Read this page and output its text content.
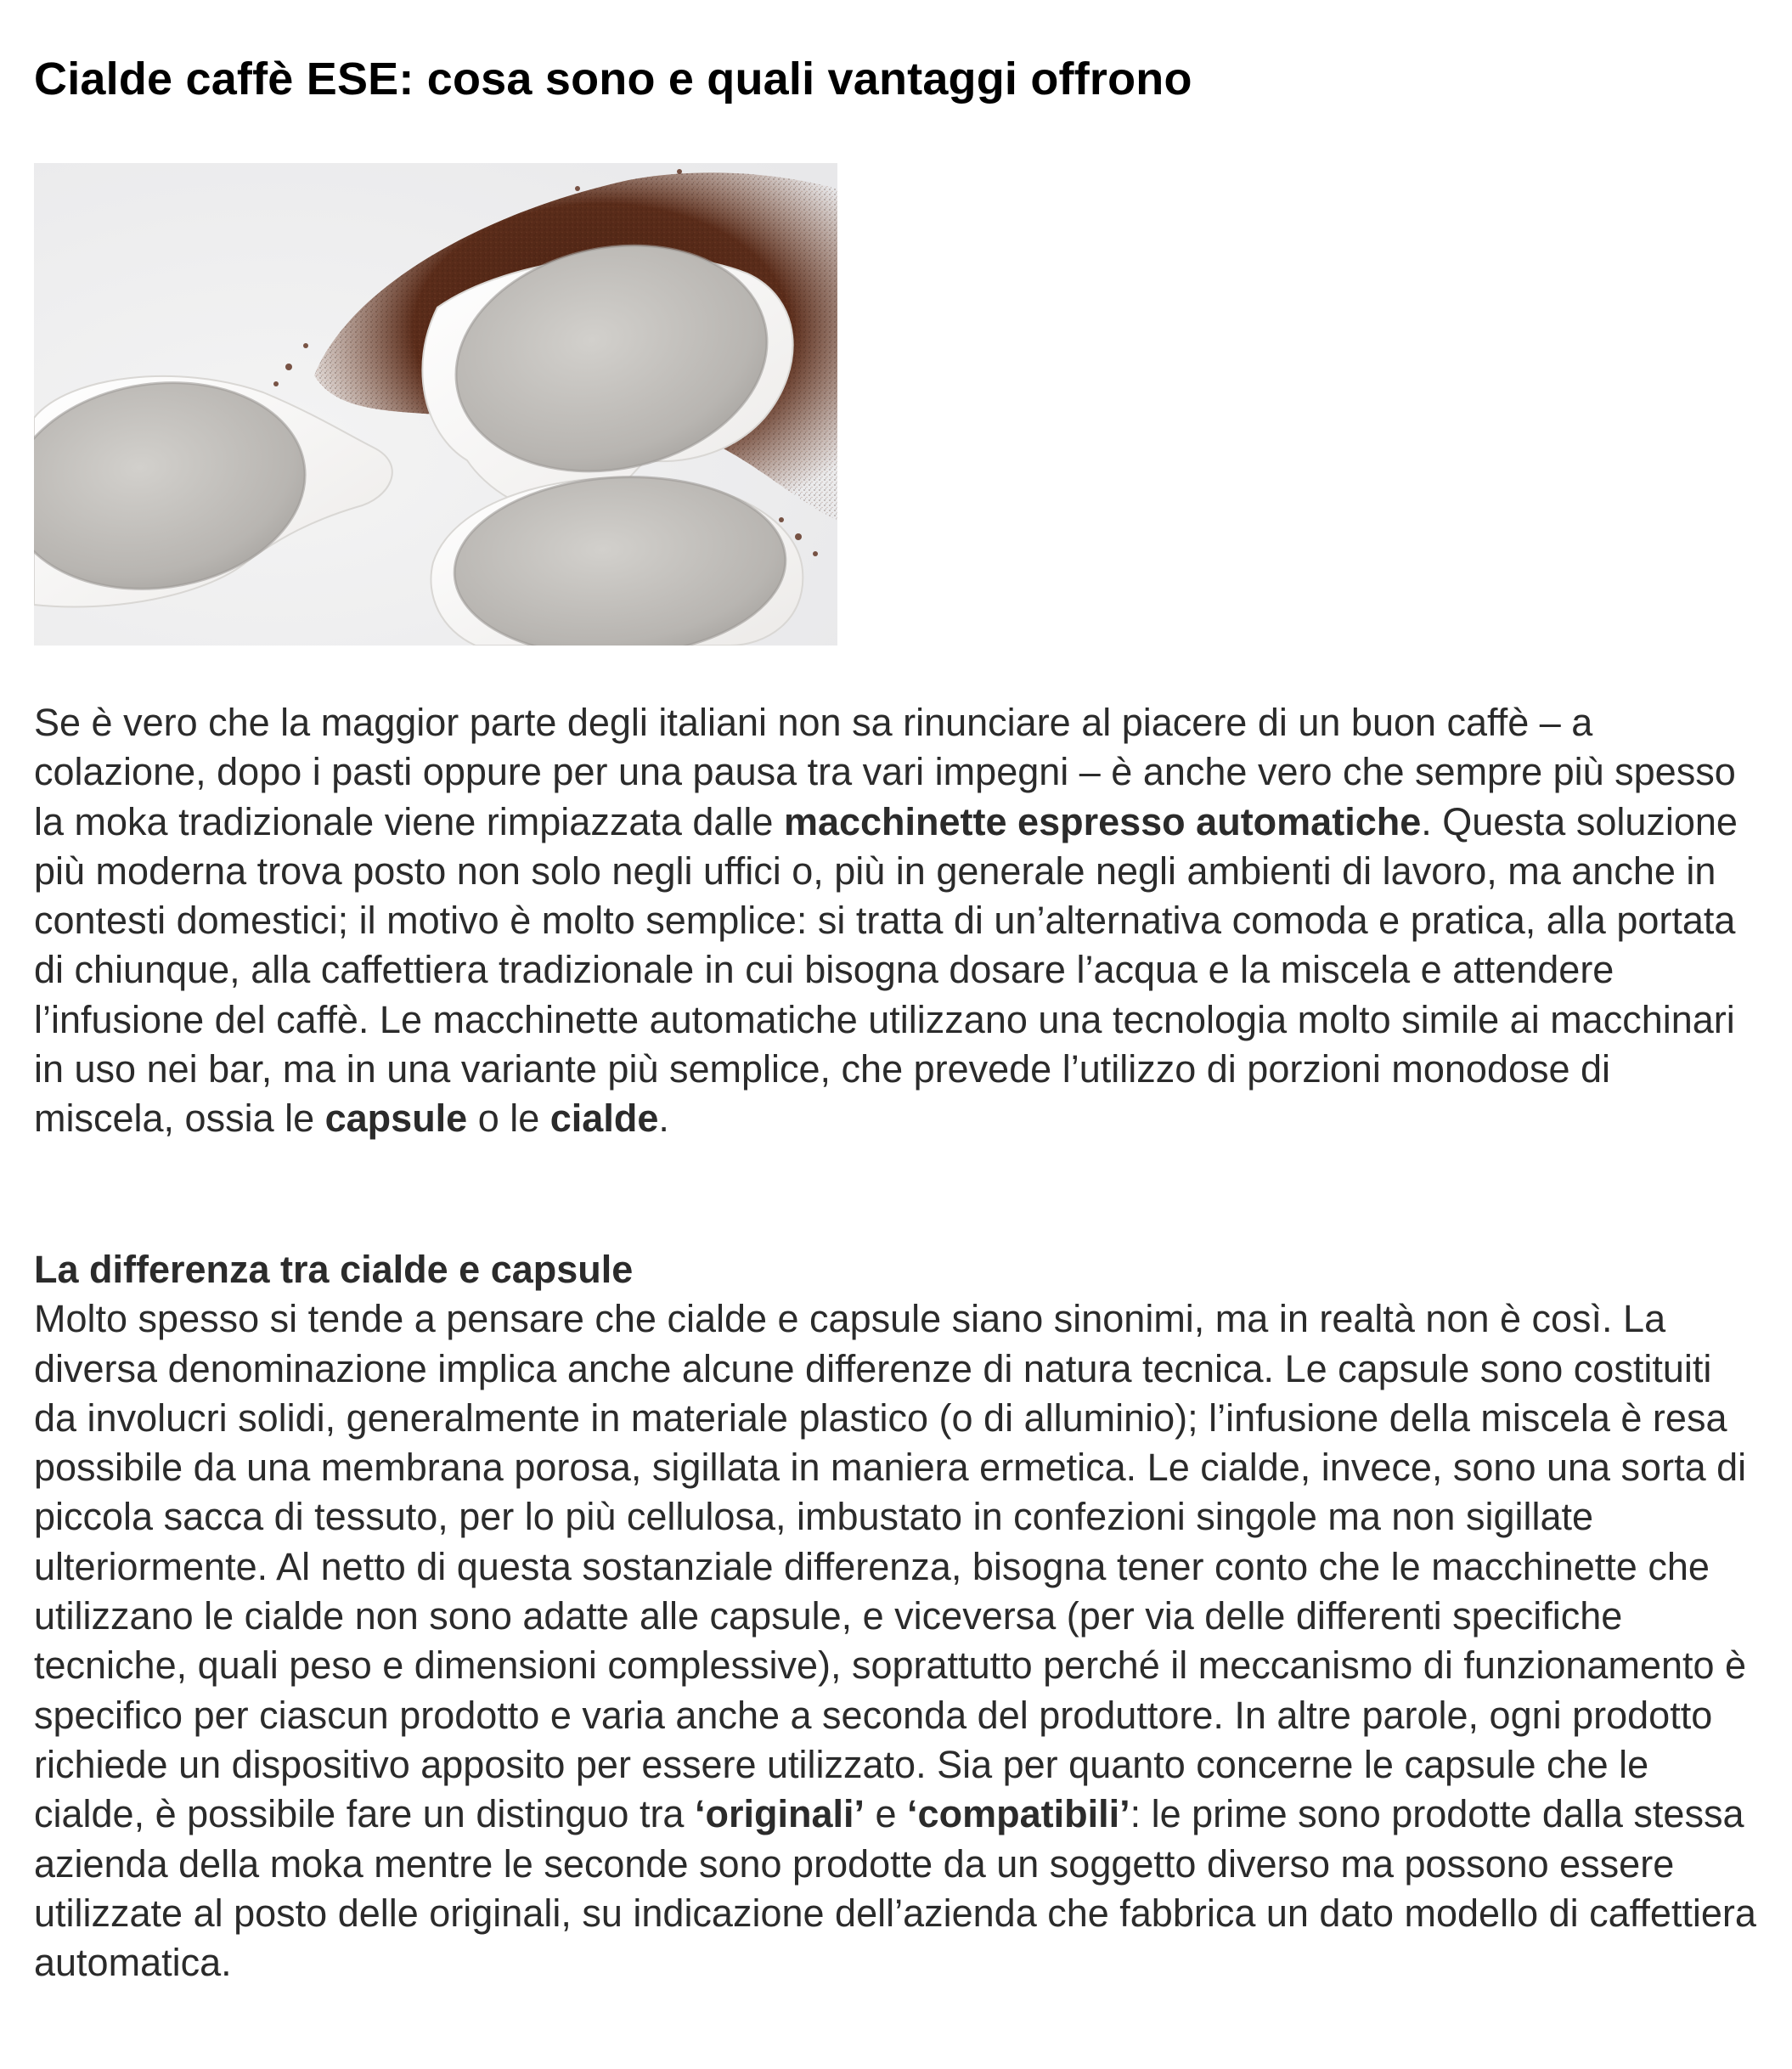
Cialde caffè ESE: cosa sono e quali vantaggi offrono

Se è vero che la maggior parte degli italiani non sa rinunciare al piacere di un buon caffè – a colazione, dopo i pasti oppure per una pausa tra vari impegni – è anche vero che sempre più spesso la moka tradizionale viene rimpiazzata dalle macchinette espresso automatiche. Questa soluzione più moderna trova posto non solo negli uffici o, più in generale negli ambienti di lavoro, ma anche in contesti domestici; il motivo è molto semplice: si tratta di un’alternativa comoda e pratica, alla portata di chiunque, alla caffettiera tradizionale in cui bisogna dosare l’acqua e la miscela e attendere l’infusione del caffè. Le macchinette automatiche utilizzano una tecnologia molto simile ai macchinari in uso nei bar, ma in una variante più semplice, che prevede l’utilizzo di porzioni monodose di miscela, ossia le capsule o le cialde.

La differenza tra cialde e capsule
Molto spesso si tende a pensare che cialde e capsule siano sinonimi, ma in realtà non è così. La diversa denominazione implica anche alcune differenze di natura tecnica. Le capsule sono costituiti da involucri solidi, generalmente in materiale plastico (o di alluminio); l’infusione della miscela è resa possibile da una membrana porosa, sigillata in maniera ermetica. Le cialde, invece, sono una sorta di piccola sacca di tessuto, per lo più cellulosa, imbustato in confezioni singole ma non sigillate ulteriormente. Al netto di questa sostanziale differenza, bisogna tener conto che le macchinette che utilizzano le cialde non sono adatte alle capsule, e viceversa (per via delle differenti specifiche tecniche, quali peso e dimensioni complessive), soprattutto perché il meccanismo di funzionamento è specifico per ciascun prodotto e varia anche a seconda del produttore. In altre parole, ogni prodotto richiede un dispositivo apposito per essere utilizzato. Sia per quanto concerne le capsule che le cialde, è possibile fare un distinguo tra ‘originali’ e ‘compatibili’: le prime sono prodotte dalla stessa azienda della moka mentre le seconde sono prodotte da un soggetto diverso ma possono essere utilizzate al posto delle originali, su indicazione dell’azienda che fabbrica un dato modello di caffettiera automatica.
